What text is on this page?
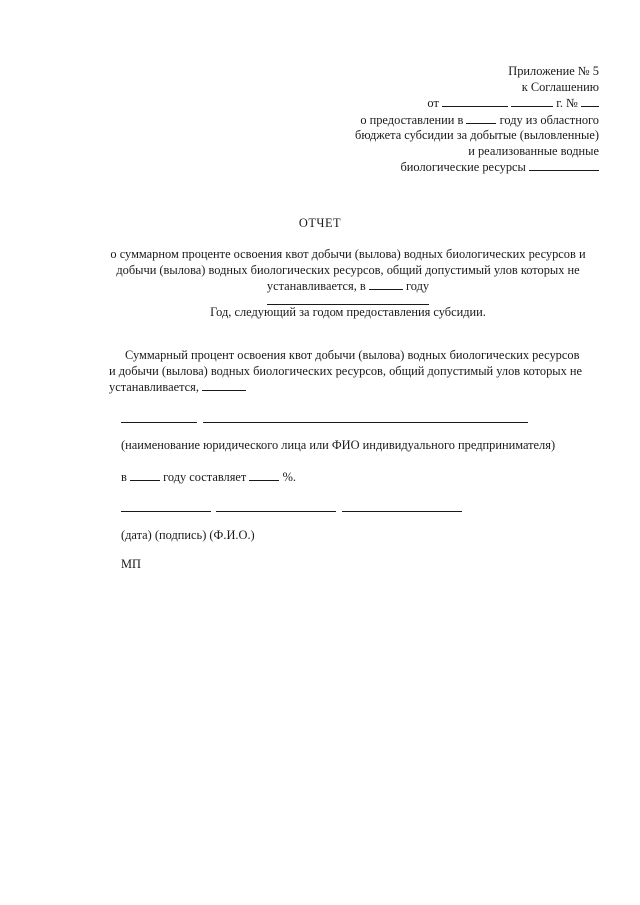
Приложение № 5
к Соглашению
от	г. №
о предоставлении в	году из областного
бюджета субсидии за добытые (выловленные)
и реализованные водные
биологические ресурсы
ОТЧЕТ
о суммарном проценте освоения квот добычи (вылова) водных биологических ресурсов и
добычи (вылова) водных биологических ресурсов, общий допустимый улов которых не
устанавливается, в	году
Год, следующий за годом предоставления субсидии.
Суммарный процент освоения квот добычи (вылова) водных биологических ресурсов
и добычи (вылова) водных биологических ресурсов, общий допустимый улов которых не
устанавливается,
(наименование юридического лица или ФИО индивидуального предпринимателя)
в	году составляет	%.
(дата) (подпись) (Ф.И.О.)
МП
